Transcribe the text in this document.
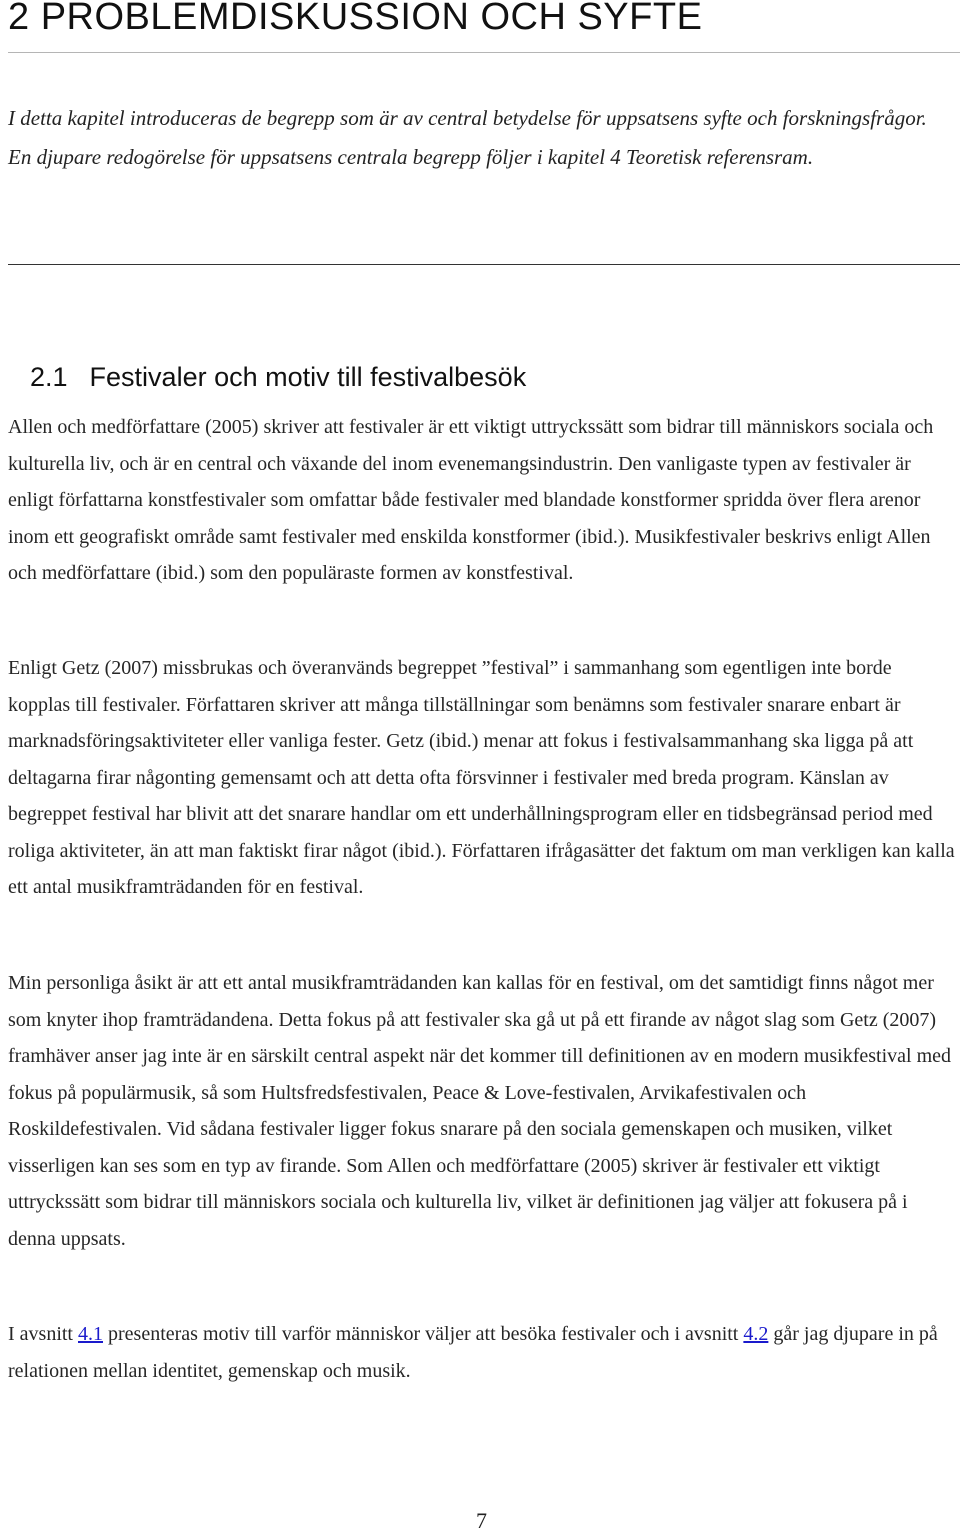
2 PROBLEMDISKUSSION OCH SYFTE

I detta kapitel introduceras de begrepp som är av central betydelse för uppsatsens syfte och forskningsfrågor. En djupare redogörelse för uppsatsens centrala begrepp följer i kapitel 4 Teoretisk referensram.

2.1 Festivaler och motiv till festivalbesök

Allen och medförfattare (2005) skriver att festivaler är ett viktigt uttryckssätt som bidrar till människors sociala och kulturella liv, och är en central och växande del inom evenemangsindustrin. Den vanligaste typen av festivaler är enligt författarna konstfestivaler som omfattar både festivaler med blandade konstformer spridda över flera arenor inom ett geografiskt område samt festivaler med enskilda konstformer (ibid.). Musikfestivaler beskrivs enligt Allen och medförfattare (ibid.) som den populäraste formen av konstfestival.

Enligt Getz (2007) missbrukas och överanvänds begreppet ”festival” i sammanhang som egentligen inte borde kopplas till festivaler. Författaren skriver att många tillställningar som benämns som festivaler snarare enbart är marknadsföringsaktiviteter eller vanliga fester. Getz (ibid.) menar att fokus i festivalsammanhang ska ligga på att deltagarna firar någonting gemensamt och att detta ofta försvinner i festivaler med breda program. Känslan av begreppet festival har blivit att det snarare handlar om ett underhållningsprogram eller en tidsbegränsad period med roliga aktiviteter, än att man faktiskt firar något (ibid.). Författaren ifrågasätter det faktum om man verkligen kan kalla ett antal musikframträdanden för en festival.

Min personliga åsikt är att ett antal musikframträdanden kan kallas för en festival, om det samtidigt finns något mer som knyter ihop framträdandena. Detta fokus på att festivaler ska gå ut på ett firande av något slag som Getz (2007) framhäver anser jag inte är en särskilt central aspekt när det kommer till definitionen av en modern musikfestival med fokus på populärmusik, så som Hultsfredsfestivalen, Peace & Love-festivalen, Arvikafestivalen och Roskildefestivalen. Vid sådana festivaler ligger fokus snarare på den sociala gemenskapen och musiken, vilket visserligen kan ses som en typ av firande. Som Allen och medförfattare (2005) skriver är festivaler ett viktigt uttryckssätt som bidrar till människors sociala och kulturella liv, vilket är definitionen jag väljer att fokusera på i denna uppsats.

I avsnitt 4.1 presenteras motiv till varför människor väljer att besöka festivaler och i avsnitt 4.2 går jag djupare in på relationen mellan identitet, gemenskap och musik.

7
